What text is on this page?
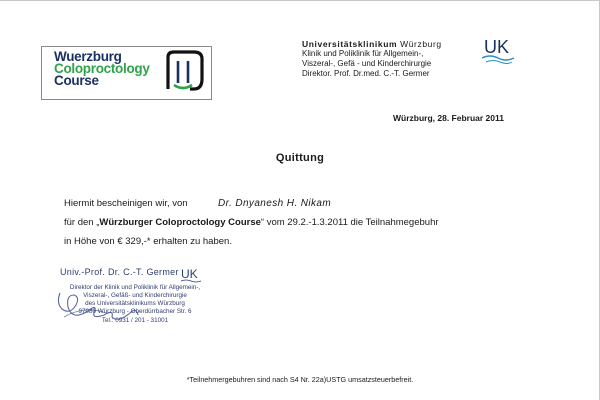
Wuerzburg
Coloproctology
Course
Universitätsklinikum Würzburg
Klinik und Poliklinik für Allgemein-,
Viszeral-, Gefä - und Kinderchirurgie
Direktor. Prof. Dr.med. C.-T. Germer
UK
Würzburg, 28. Februar 2011
Quittung
Hiermit bescheinigen wir, von	Dr. Dnyanesh H. Nikam
für den „Würzburger Coloproctology Course“ vom 29.2.-1.3.2011 die Teilnahmegebuhr
in Höhe von € 329,-* erhalten zu haben.
Univ.-Prof. Dr. C.-T. Germer UK
Direktor der Klinik und Poliklinik für Allgemein-,
Viszeral-, Gefäß- und Kinderchirurgie
des Universitätsklinikums Würzburg
97080 Würzburg - Oberdürrbacher Str. 6
Tel.: 0931 / 201 - 31001
*Teilnehmergebuhren sind nach S4 Nr. 22a)USTG umsatzsteuerbefreit.
